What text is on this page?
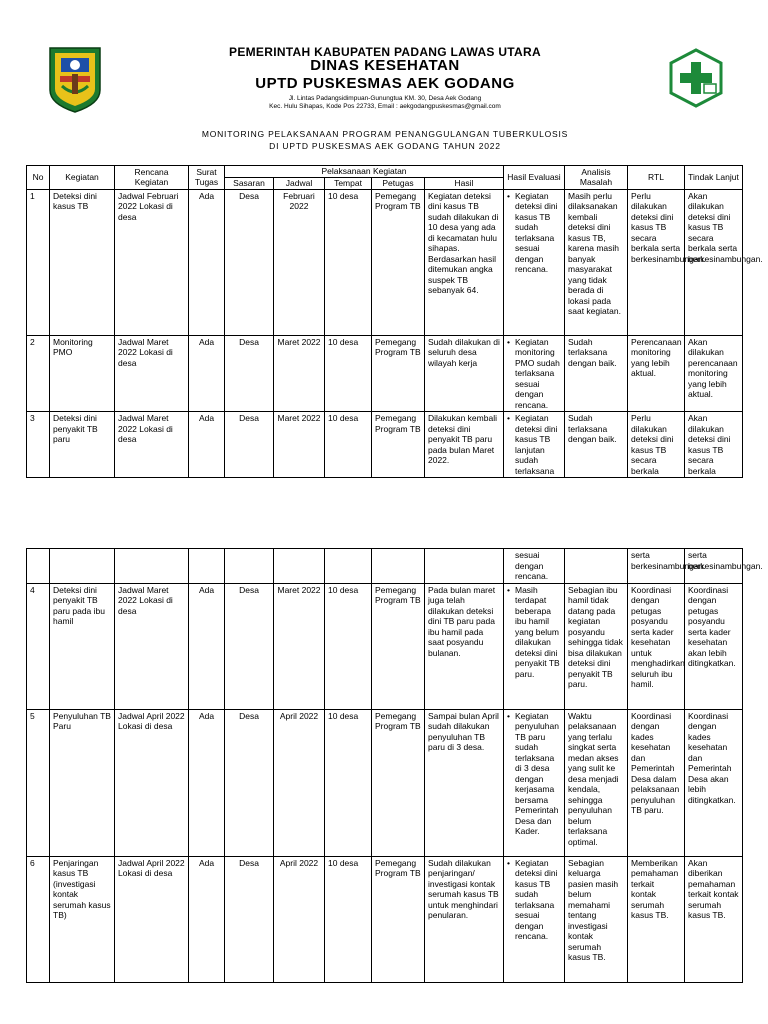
PEMERINTAH KABUPATEN PADANG LAWAS UTARA
DINAS KESEHATAN
UPTD PUSKESMAS AEK GODANG
Jl. Lintas Padangsidimpuan-Gunungtua KM. 30, Desa Aek Godang
Kec. Hulu Sihapas, Kode Pos 22733, Email : aekgodangpuskesmas@gmail.com
MONITORING PELAKSANAAN PROGRAM PENANGGULANGAN TUBERKULOSIS
DI UPTD PUSKESMAS AEK GODANG TAHUN 2022
No	Kegiatan	Rencana Kegiatan	Surat Tugas	Pelaksanaan Kegiatan					Hasil Evaluasi	Analisis Masalah	RTL	Tindak Lanjut
				Sasaran	Jadwal	Tempat	Petugas	Hasil				
1	Deteksi dini kasus TB	Jadwal Februari 2022 Lokasi di desa	Ada	Desa	Februari 2022	10 desa	Pemegang Program TB	Kegiatan deteksi dini kasus TB sudah dilakukan di 10 desa yang ada di kecamatan hulu sihapas. Berdasarkan hasil ditemukan angka suspek TB sebanyak 64.	• Kegiatan deteksi dini kasus TB sudah terlaksana sesuai dengan rencana.	Masih perlu dilaksanakan kembali deteksi dini kasus TB, karena masih banyak masyarakat yang tidak berada di lokasi pada saat kegiatan.	Perlu dilakukan deteksi dini kasus TB secara berkala serta berkesinambungan.	Akan dilakukan deteksi dini kasus TB secara berkala serta berkesinambungan.
2	Monitoring PMO	Jadwal Maret 2022 Lokasi di desa	Ada	Desa	Maret 2022	10 desa	Pemegang Program TB	Sudah dilakukan di seluruh desa wilayah kerja	• Kegiatan monitoring PMO sudah terlaksana sesuai dengan rencana.	Sudah terlaksana dengan baik.	Perencanaan monitoring yang lebih aktual.	Akan dilakukan perencanaan monitoring yang lebih aktual.
3	Deteksi dini penyakit TB paru	Jadwal Maret 2022 Lokasi di desa	Ada	Desa	Maret 2022	10 desa	Pemegang Program TB	Dilakukan kembali deteksi dini penyakit TB paru pada bulan Maret 2022.	• Kegiatan deteksi dini kasus TB lanjutan sudah terlaksana	Sudah terlaksana dengan baik.	Perlu dilakukan deteksi dini kasus TB secara berkala	Akan dilakukan deteksi dini kasus TB secara berkala
									sesuai dengan rencana.		serta berkesinambungan.	serta berkesinambungan.
4	Deteksi dini penyakit TB paru pada ibu hamil	Jadwal Maret 2022 Lokasi di desa	Ada	Desa	Maret 2022	10 desa	Pemegang Program TB	Pada bulan maret juga telah dilakukan deteksi dini TB paru pada ibu hamil pada saat posyandu bulanan.	• Masih terdapat beberapa ibu hamil yang belum dilakukan deteksi dini penyakit TB paru.	Sebagian ibu hamil tidak datang pada kegiatan posyandu sehingga tidak bisa dilakukan deteksi dini penyakit TB paru.	Koordinasi dengan petugas posyandu serta kader kesehatan untuk menghadirkan seluruh ibu hamil.	Koordinasi dengan petugas posyandu serta kader kesehatan akan lebih ditingkatkan.
5	Penyuluhan TB Paru	Jadwal April 2022 Lokasi di desa	Ada	Desa	April 2022	10 desa	Pemegang Program TB	Sampai bulan April sudah dilakukan penyuluhan TB paru di 3 desa.	• Kegiatan penyuluhan TB paru sudah terlaksana di 3 desa dengan kerjasama bersama Pemerintah Desa dan Kader.	Waktu pelaksanaan yang terlalu singkat serta medan akses yang sulit ke desa menjadi kendala, sehingga penyuluhan belum terlaksana optimal.	Koordinasi dengan kades kesehatan dan Pemerintah Desa dalam pelaksanaan penyuluhan TB paru.	Koordinasi dengan kades kesehatan dan Pemerintah Desa akan lebih ditingkatkan.
6	Penjaringan kasus TB (investigasi kontak serumah kasus TB)	Jadwal April 2022 Lokasi di desa	Ada	Desa	April 2022	10 desa	Pemegang Program TB	Sudah dilakukan penjaringan/ investigasi kontak serumah kasus TB untuk menghindari penularan.	• Kegiatan deteksi dini kasus TB sudah terlaksana sesuai dengan rencana.	Sebagian keluarga pasien masih belum memahami tentang investigasi kontak serumah kasus TB.	Memberikan pemahaman terkait kontak serumah kasus TB.	Akan diberikan pemahaman terkait kontak serumah kasus TB.
